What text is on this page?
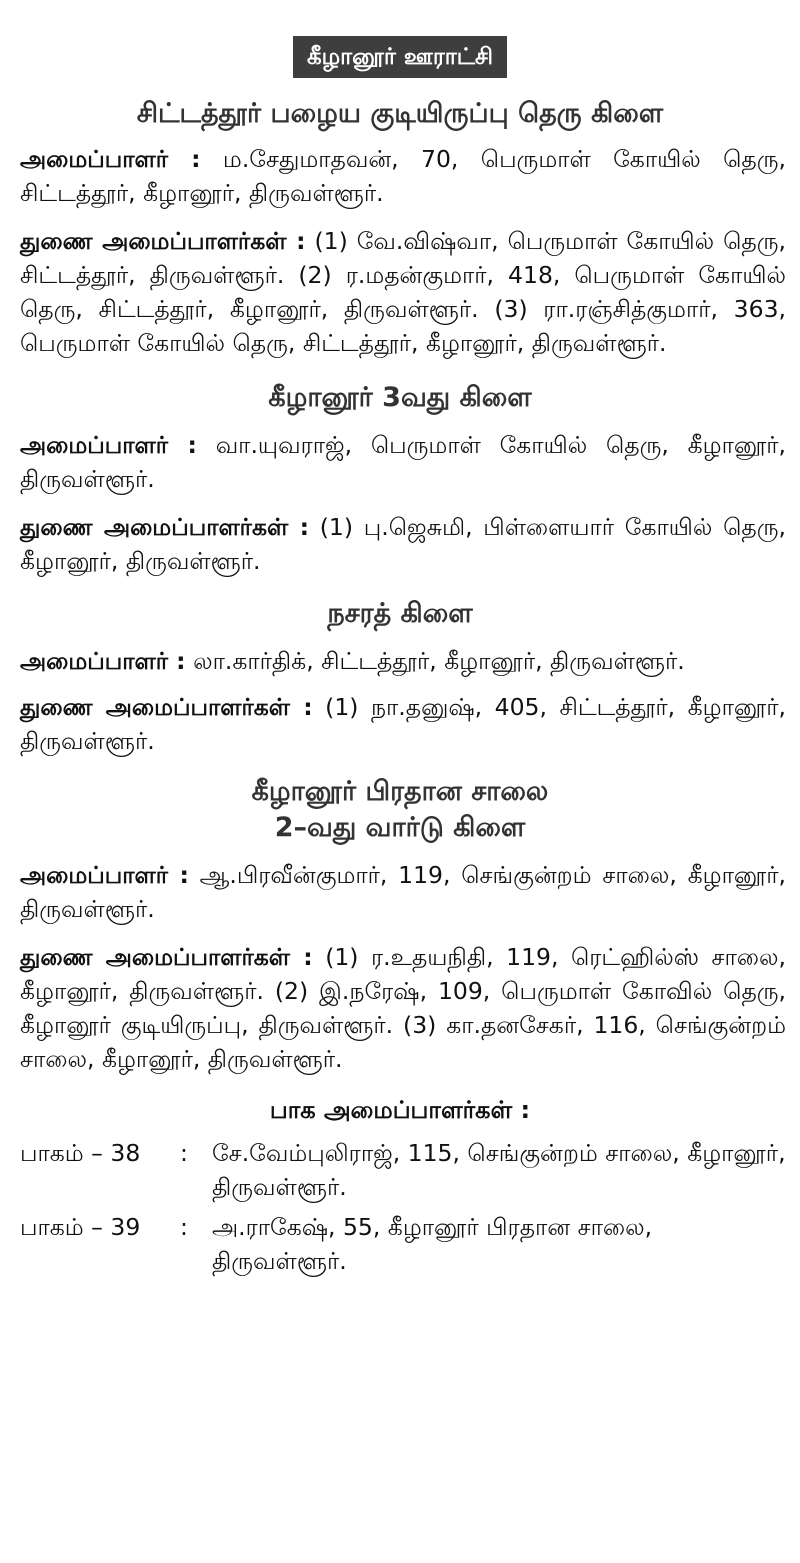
கீழானூர் ஊராட்சி
சிட்டத்தூர் பழைய குடியிருப்பு தெரு கிளை

அமைப்பாளர் : ம.சேதுமாதவன், 70, பெருமாள் கோயில் தெரு, சிட்டத்தூர், கீழானூர், திருவள்ளூர்.

துணை அமைப்பாளர்கள் : (1) வே.விஷ்வா, பெருமாள் கோயில் தெரு, சிட்டத்தூர், திருவள்ளூர். (2) ர.மதன்குமார், 418, பெருமாள் கோயில் தெரு, சிட்டத்தூர், கீழானூர், திருவள்ளூர். (3) ரா.ரஞ்சித்குமார், 363, பெருமாள் கோயில் தெரு, சிட்டத்தூர், கீழானூர், திருவள்ளூர்.

கீழானூர் 3வது கிளை

அமைப்பாளர் : வா.யுவராஜ், பெருமாள் கோயில் தெரு, கீழானூர், திருவள்ளூர்.

துணை அமைப்பாளர்கள் : (1) பு.ஜெசுமி, பிள்ளையார் கோயில் தெரு, கீழானூர், திருவள்ளூர்.

நசரத் கிளை

அமைப்பாளர் : லா.கார்திக், சிட்டத்தூர், கீழானூர், திருவள்ளூர்.

துணை அமைப்பாளர்கள் : (1) நா.தனுஷ், 405, சிட்டத்தூர், கீழானூர், திருவள்ளூர்.

கீழானூர் பிரதான சாலை
2–வது வார்டு கிளை

அமைப்பாளர் : ஆ.பிரவீன்குமார், 119, செங்குன்றம் சாலை, கீழானூர், திருவள்ளூர்.

துணை அமைப்பாளர்கள் : (1) ர.உதயநிதி, 119, ரெட்ஹில்ஸ் சாலை, கீழானூர், திருவள்ளூர். (2) இ.நரேஷ், 109, பெருமாள் கோவில் தெரு, கீழானூர் குடியிருப்பு, திருவள்ளூர். (3) கா.தனசேகர், 116, செங்குன்றம் சாலை, கீழானூர், திருவள்ளூர்.

பாக அமைப்பாளர்கள் :
பாகம் – 38	:	சே.வேம்புலிராஜ், 115, செங்குன்றம் சாலை, கீழானூர், திருவள்ளூர்.
பாகம் – 39	:	அ.ராகேஷ், 55, கீழானூர் பிரதான சாலை, திருவள்ளூர்.
